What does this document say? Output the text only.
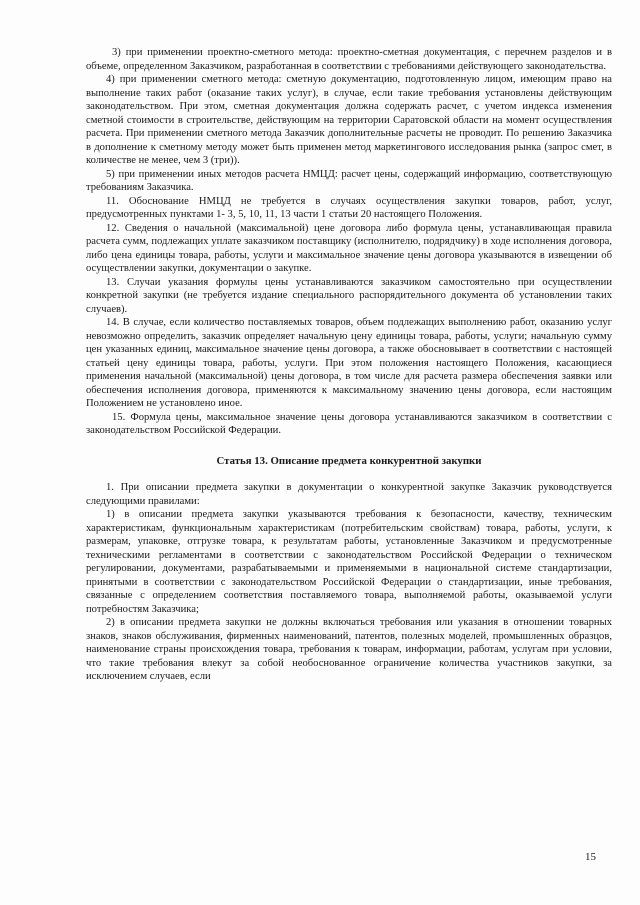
3) при применении проектно-сметного метода: проектно-сметная документация, с перечнем разделов и в объеме, определенном Заказчиком, разработанная в соответствии с требованиями действующего законодательства.

4) при применении сметного метода: сметную документацию, подготовленную лицом, имеющим право на выполнение таких работ (оказание таких услуг), в случае, если такие требования установлены действующим законодательством. При этом, сметная документация должна содержать расчет, с учетом индекса изменения сметной стоимости в строительстве, действующим на территории Саратовской области на момент осуществления расчета. При применении сметного метода Заказчик дополнительные расчеты не проводит. По решению Заказчика в дополнение к сметному методу может быть применен метод маркетингового исследования рынка (запрос смет, в количестве не менее, чем 3 (три)).

5) при применении иных методов расчета НМЦД: расчет цены, содержащий информацию, соответствующую требованиям Заказчика.

11. Обоснование НМЦД не требуется в случаях осуществления закупки товаров, работ, услуг, предусмотренных пунктами 1- 3, 5, 10, 11, 13 части 1 статьи 20 настоящего Положения.

12. Сведения о начальной (максимальной) цене договора либо формула цены, устанавливающая правила расчета сумм, подлежащих уплате заказчиком поставщику (исполнителю, подрядчику) в ходе исполнения договора, либо цена единицы товара, работы, услуги и максимальное значение цены договора указываются в извещении об осуществлении закупки, документации о закупке.

13. Случаи указания формулы цены устанавливаются заказчиком самостоятельно при осуществлении конкретной закупки (не требуется издание специального распорядительного документа об установлении таких случаев).

14. В случае, если количество поставляемых товаров, объем подлежащих выполнению работ, оказанию услуг невозможно определить, заказчик определяет начальную цену единицы товара, работы, услуги; начальную сумму цен указанных единиц, максимальное значение цены договора, а также обосновывает в соответствии с настоящей статьей цену единицы товара, работы, услуги. При этом положения настоящего Положения, касающиеся применения начальной (максимальной) цены договора, в том числе для расчета размера обеспечения заявки или обеспечения исполнения договора, применяются к максимальному значению цены договора, если настоящим Положением не установлено иное.

15. Формула цены, максимальное значение цены договора устанавливаются заказчиком в соответствии с законодательством Российской Федерации.

Статья 13. Описание предмета конкурентной закупки

1. При описании предмета закупки в документации о конкурентной закупке Заказчик руководствуется следующими правилами:

1) в описании предмета закупки указываются требования к безопасности, качеству, техническим характеристикам, функциональным характеристикам (потребительским свойствам) товара, работы, услуги, к размерам, упаковке, отгрузке товара, к результатам работы, установленные Заказчиком и предусмотренные техническими регламентами в соответствии с законодательством Российской Федерации о техническом регулировании, документами, разрабатываемыми и применяемыми в национальной системе стандартизации, принятыми в соответствии с законодательством Российской Федерации о стандартизации, иные требования, связанные с определением соответствия поставляемого товара, выполняемой работы, оказываемой услуги потребностям Заказчика;

2) в описании предмета закупки не должны включаться требования или указания в отношении товарных знаков, знаков обслуживания, фирменных наименований, патентов, полезных моделей, промышленных образцов, наименование страны происхождения товара, требования к товарам, информации, работам, услугам при условии, что такие требования влекут за собой необоснованное ограничение количества участников закупки, за исключением случаев, если

15
